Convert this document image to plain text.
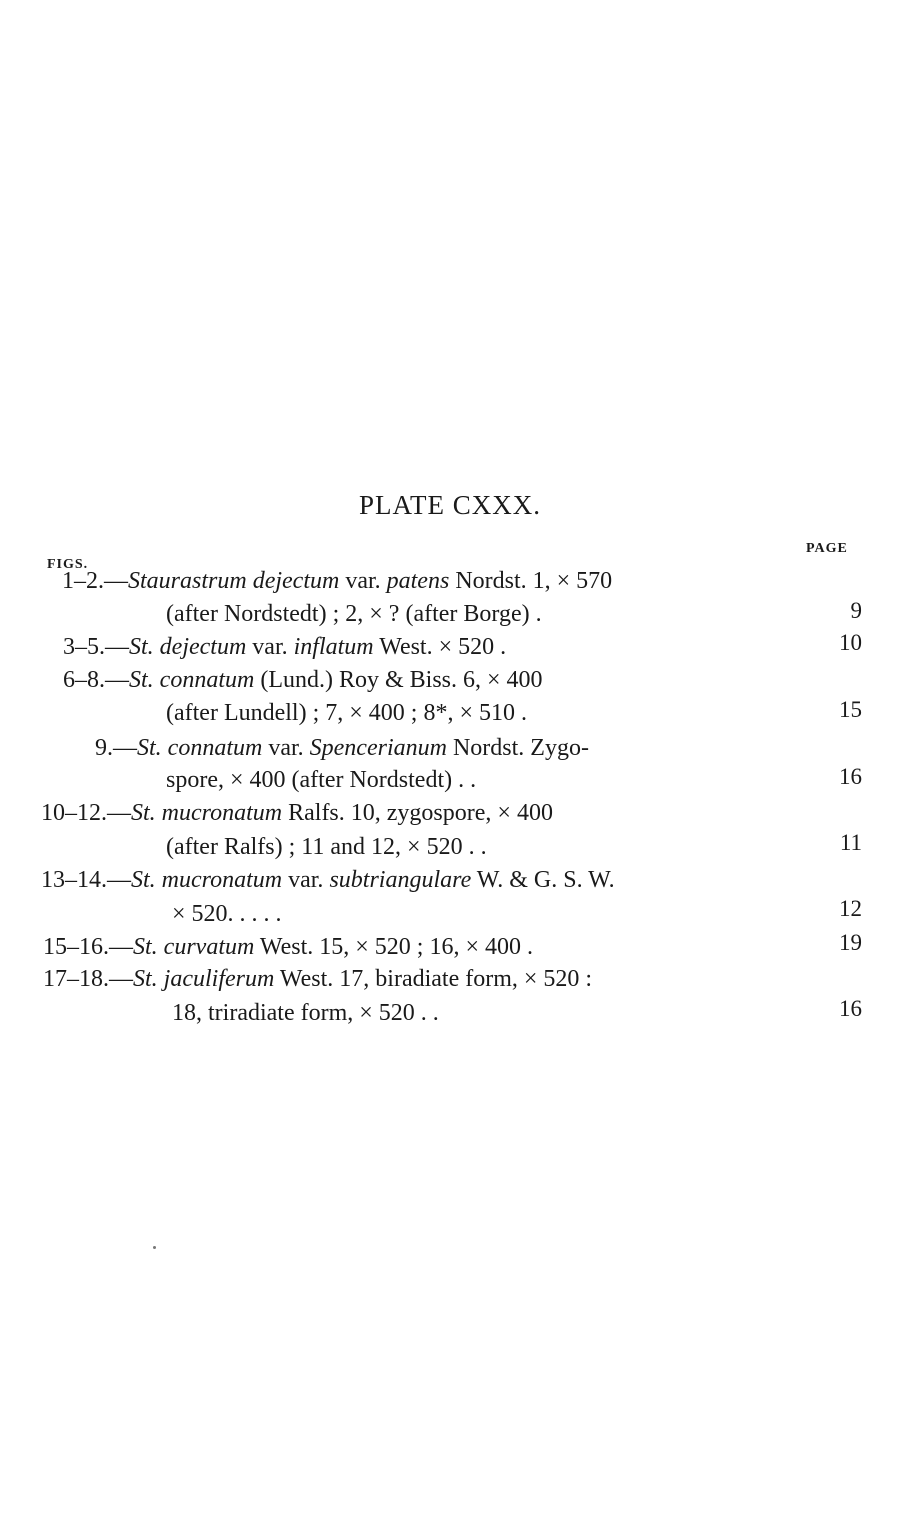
PLATE CXXX.
FIGS.
PAGE
1–2.—Staurastrum dejectum var. patens Nordst. 1, × 570
(after Nordstedt) ; 2, × ? (after Borge) .
3–5.—St. dejectum var. inflatum West. × 520 .
6–8.—St. connatum (Lund.) Roy & Biss. 6, × 400
(after Lundell) ; 7, × 400 ; 8*, × 510 .
9.—St. connatum var. Spencerianum Nordst. Zygo-
spore, × 400 (after Nordstedt) . .
10–12.—St. mucronatum Ralfs. 10, zygospore, × 400
(after Ralfs) ; 11 and 12, × 520 . .
13–14.—St. mucronatum var. subtriangulare W. & G. S. W.
× 520. . . . .
15–16.—St. curvatum West. 15, × 520 ; 16, × 400 .
17–18.—St. jaculiferum West. 17, biradiate form, × 520 :
18, triradiate form, × 520 . .
9
10
15
16
11
12
19
16
